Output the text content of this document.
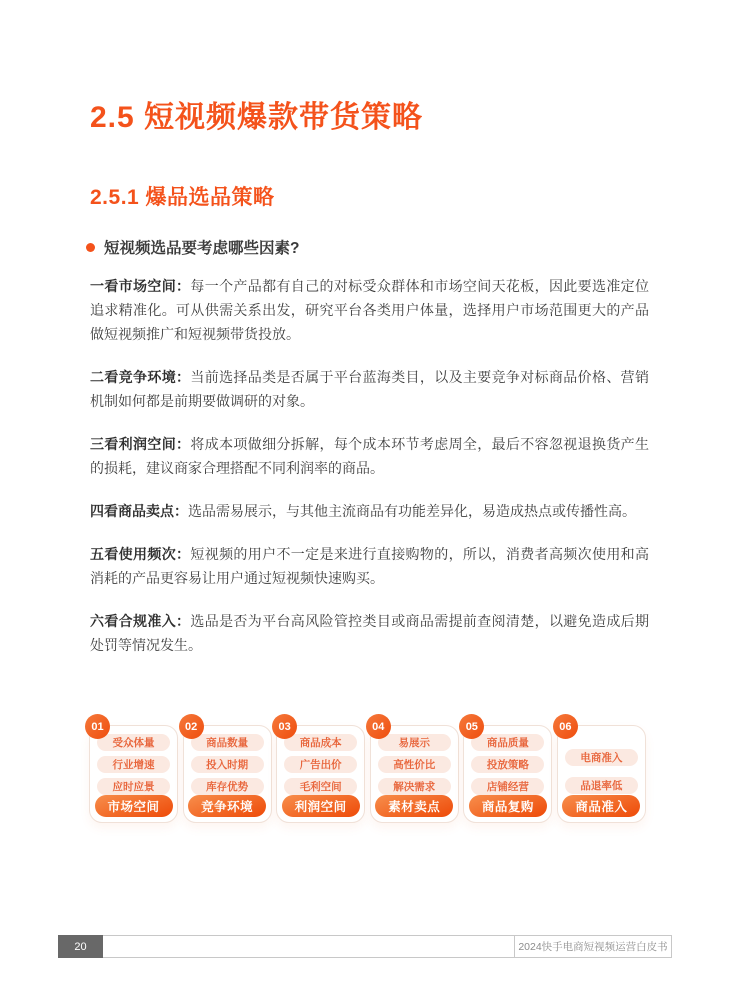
2.5 短视频爆款带货策略
2.5.1 爆品选品策略
短视频选品要考虑哪些因素?

一看市场空间：每一个产品都有自己的对标受众群体和市场空间天花板，因此要选准定位追求精准化。可从供需关系出发，研究平台各类用户体量，选择用户市场范围更大的产品做短视频推广和短视频带货投放。

二看竞争环境：当前选择品类是否属于平台蓝海类目，以及主要竞争对标商品价格、营销机制如何都是前期要做调研的对象。

三看利润空间：将成本项做细分拆解，每个成本环节考虑周全，最后不容忽视退换货产生的损耗，建议商家合理搭配不同利润率的商品。

四看商品卖点：选品需易展示，与其他主流商品有功能差异化，易造成热点或传播性高。

五看使用频次：短视频的用户不一定是来进行直接购物的，所以，消费者高频次使用和高消耗的产品更容易让用户通过短视频快速购买。

六看合规准入：选品是否为平台高风险管控类目或商品需提前查阅清楚，以避免造成后期处罚等情况发生。

01
受众体量
行业增速
应时应景
市场空间
02
商品数量
投入时期
库存优势
竞争环境
03
商品成本
广告出价
毛利空间
利润空间
04
易展示
高性价比
解决需求
素材卖点
05
商品质量
投放策略
店铺经营
商品复购
06
电商准入
品退率低
商品准入
20	2024快手电商短视频运营白皮书
